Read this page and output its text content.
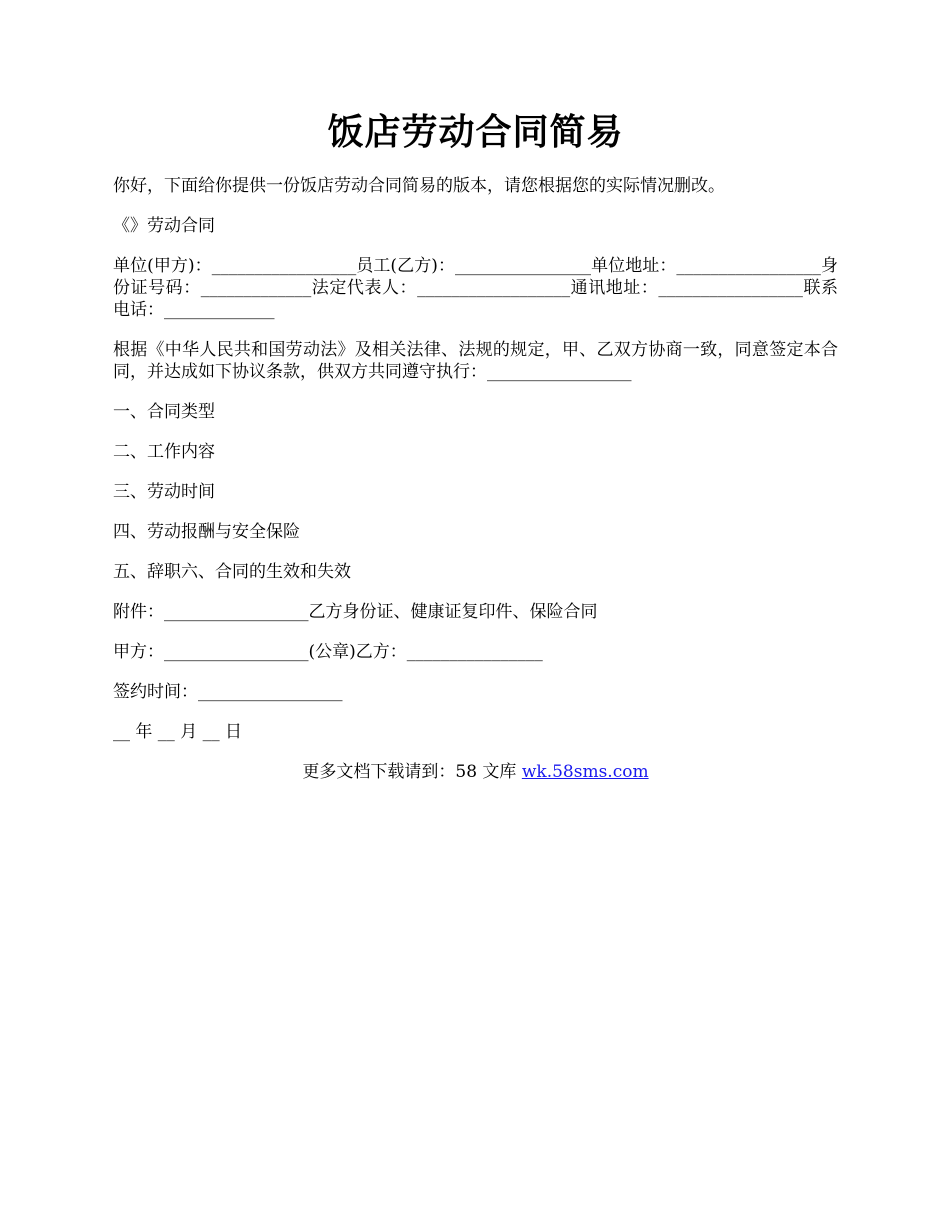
饭店劳动合同简易

你好，下面给你提供一份饭店劳动合同简易的版本，请您根据您的实际情况删改。

《》劳动合同

单位(甲方)：_________________员工(乙方)：________________单位地址：_________________身份证号码：_____________法定代表人：__________________通讯地址：_________________联系电话：_____________

根据《中华人民共和国劳动法》及相关法律、法规的规定，甲、乙双方协商一致，同意签定本合同，并达成如下协议条款，供双方共同遵守执行：_________________

一、合同类型

二、工作内容

三、劳动时间

四、劳动报酬与安全保险

五、辞职六、合同的生效和失效

附件：_________________乙方身份证、健康证复印件、保险合同

甲方：_________________(公章)乙方：________________

签约时间：_________________

__ 年 __ 月 __ 日

更多文档下载请到：58 文库 wk.58sms.com
